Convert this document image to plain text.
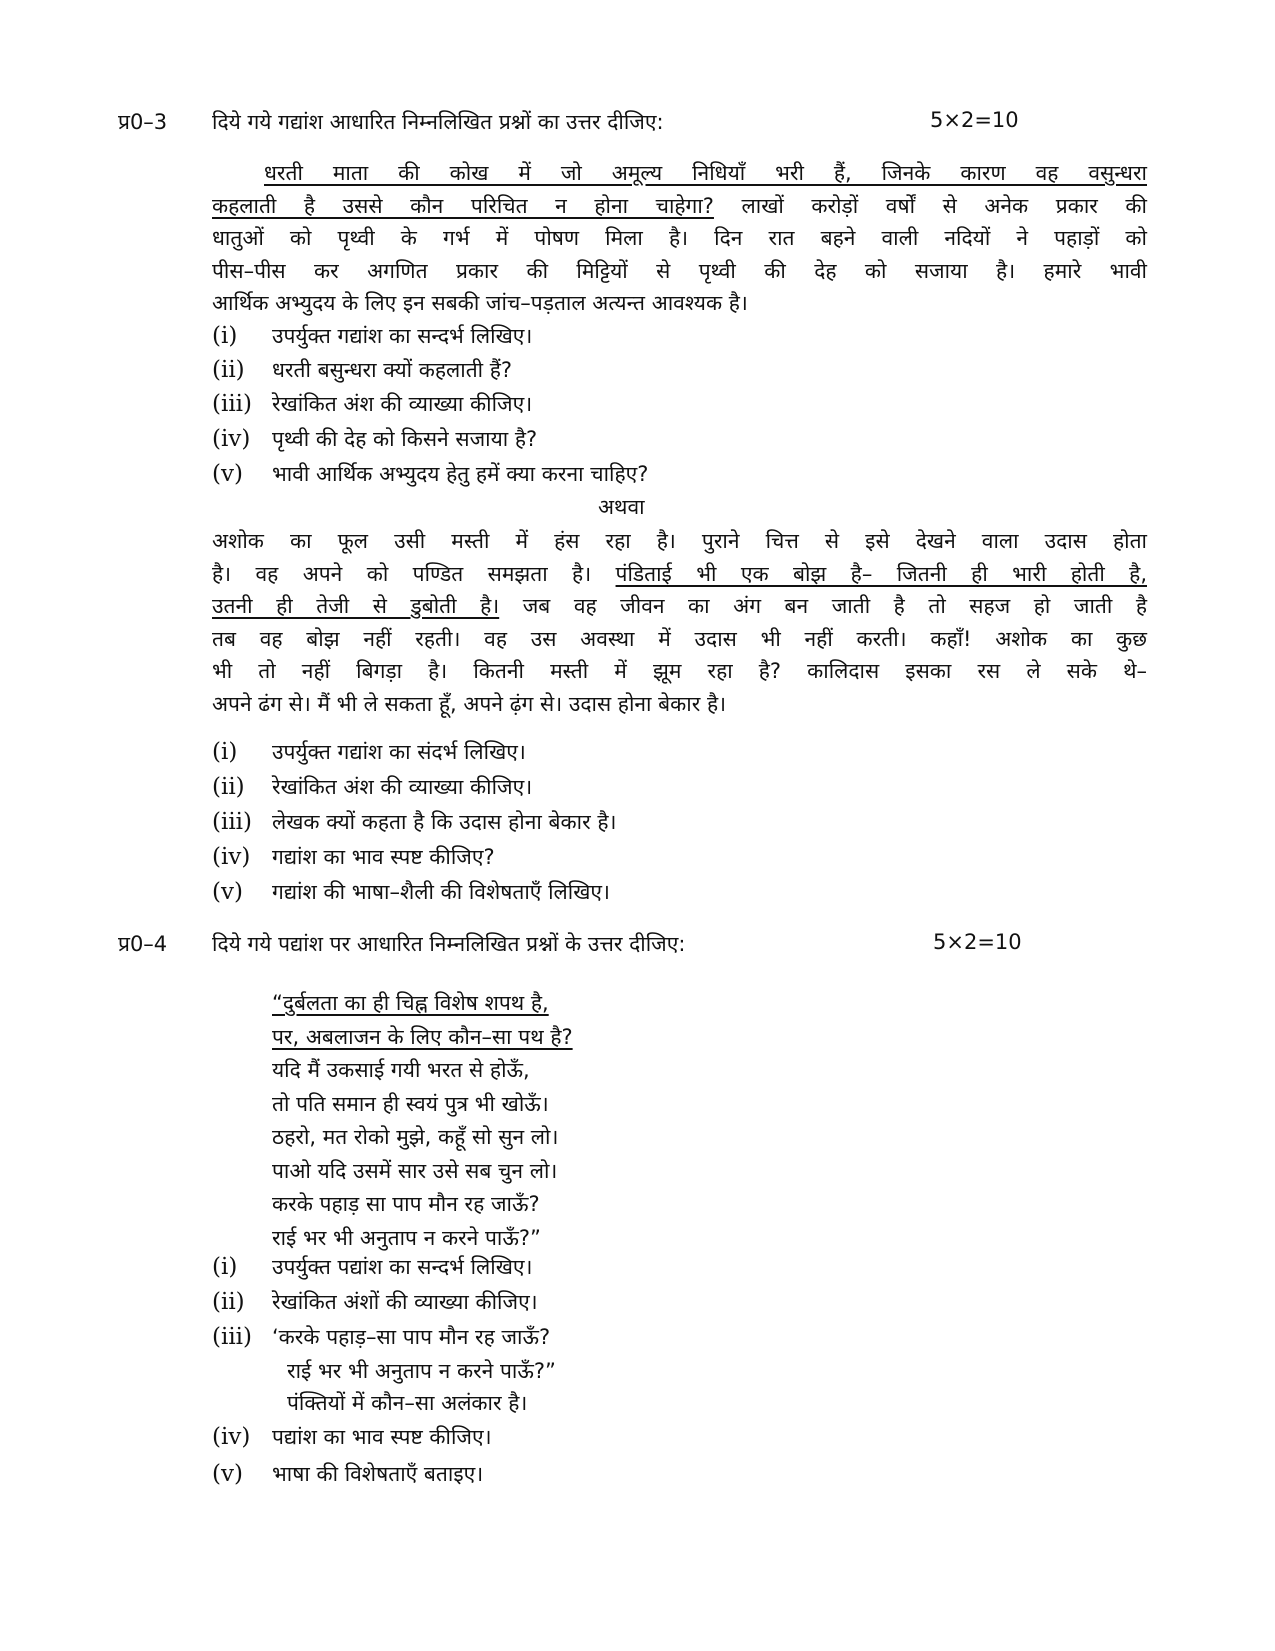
प्र0–3 दिये गये गद्यांश आधारित निम्नलिखित प्रश्नों का उत्तर दीजिए:	5×2=10
धरती माता की कोख में जो अमूल्य निधियाँ भरी हैं, जिनके कारण वह वसुन्धरा
कहलाती है उससे कौन परिचित न होना चाहेगा? लाखों करोड़ों वर्षों से अनेक प्रकार की
धातुओं को पृथ्वी के गर्भ में पोषण मिला है। दिन रात बहने वाली नदियों ने पहाड़ों को
पीस–पीस कर अगणित प्रकार की मिट्टियों से पृथ्वी की देह को सजाया है। हमारे भावी
आर्थिक अभ्युदय के लिए इन सबकी जांच–पड़ताल अत्यन्त आवश्यक है।
(i) उपर्युक्त गद्यांश का सन्दर्भ लिखिए।
(ii) धरती बसुन्धरा क्यों कहलाती हैं?
(iii) रेखांकित अंश की व्याख्या कीजिए।
(iv) पृथ्वी की देह को किसने सजाया है?
(v) भावी आर्थिक अभ्युदय हेतु हमें क्या करना चाहिए?
अथवा
अशोक का फूल उसी मस्ती में हंस रहा है। पुराने चित्त से इसे देखने वाला उदास होता
है। वह अपने को पण्डित समझता है। पंडिताई भी एक बोझ है– जितनी ही भारी होती है,
उतनी ही तेजी से डुबोती है। जब वह जीवन का अंग बन जाती है तो सहज हो जाती है
तब वह बोझ नहीं रहती। वह उस अवस्था में उदास भी नहीं करती। कहाँ! अशोक का कुछ
भी तो नहीं बिगड़ा है। कितनी मस्ती में झूम रहा है? कालिदास इसका रस ले सके थे–
अपने ढंग से। मैं भी ले सकता हूँ, अपने ढ़ंग से। उदास होना बेकार है।
(i) उपर्युक्त गद्यांश का संदर्भ लिखिए।
(ii) रेखांकित अंश की व्याख्या कीजिए।
(iii) लेखक क्यों कहता है कि उदास होना बेकार है।
(iv) गद्यांश का भाव स्पष्ट कीजिए?
(v) गद्यांश की भाषा–शैली की विशेषताएँ लिखिए।
प्र0–4 दिये गये पद्यांश पर आधारित निम्नलिखित प्रश्नों के उत्तर दीजिए:	5×2=10
“दुर्बलता का ही चिह्न विशेष शपथ है,
पर, अबलाजन के लिए कौन–सा पथ है?
यदि मैं उकसाई गयी भरत से होऊँ,
तो पति समान ही स्वयं पुत्र भी खोऊँ।
ठहरो, मत रोको मुझे, कहूँ सो सुन लो।
पाओ यदि उसमें सार उसे सब चुन लो।
करके पहाड़ सा पाप मौन रह जाऊँ?
राई भर भी अनुताप न करने पाऊँ?”
(i) उपर्युक्त पद्यांश का सन्दर्भ लिखिए।
(ii) रेखांकित अंशों की व्याख्या कीजिए।
(iii) ‘करके पहाड़–सा पाप मौन रह जाऊँ?
राई भर भी अनुताप न करने पाऊँ?”
पंक्तियों में कौन–सा अलंकार है।
(iv) पद्यांश का भाव स्पष्ट कीजिए।
(v) भाषा की विशेषताएँ बताइए।
